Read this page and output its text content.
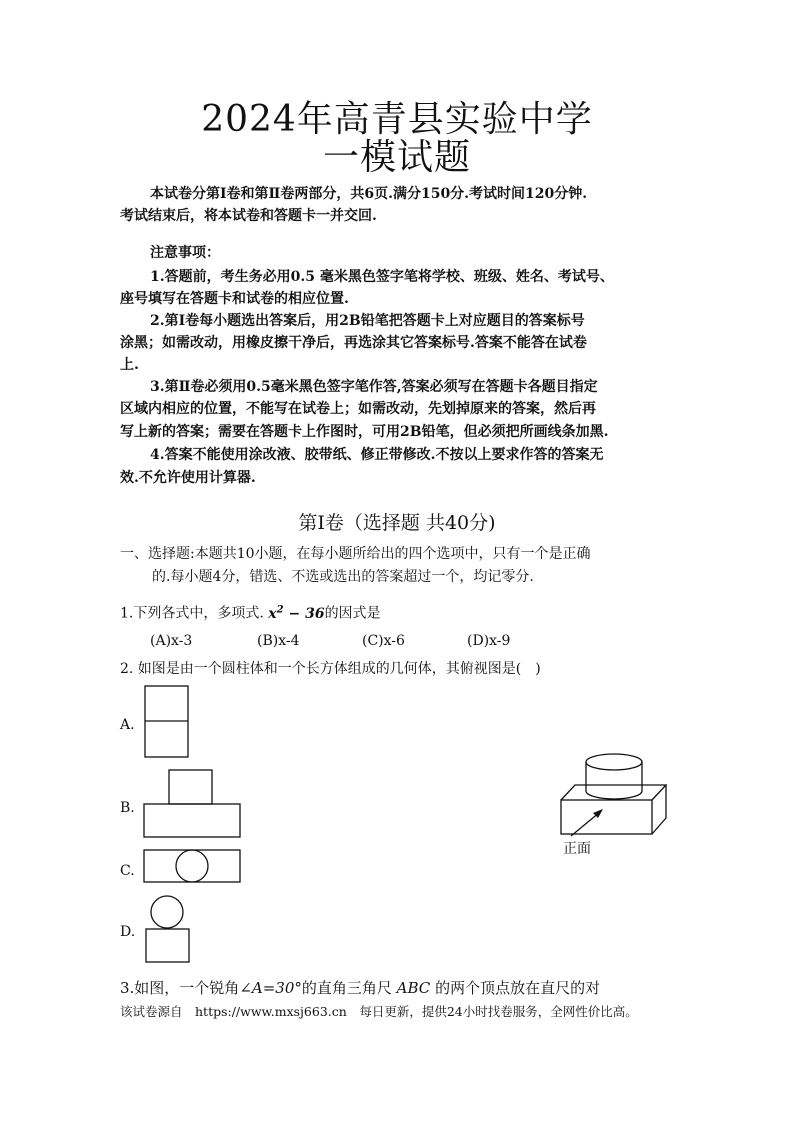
2024年高青县实验中学
一模试题
本试卷分第Ⅰ卷和第Ⅱ卷两部分，共6页.满分150分.考试时间120分钟.
考试结束后，将本试卷和答题卡一并交回.
注意事项：
1.答题前，考生务必用0.5 毫米黑色签字笔将学校、班级、姓名、考试号、
座号填写在答题卡和试卷的相应位置.
2.第Ⅰ卷每小题选出答案后，用2B铅笔把答题卡上对应题目的答案标号
涂黑；如需改动，用橡皮擦干净后，再选涂其它答案标号.答案不能答在试卷
上.
3.第Ⅱ卷必须用0.5毫米黑色签字笔作答,答案必须写在答题卡各题目指定
区域内相应的位置，不能写在试卷上；如需改动，先划掉原来的答案，然后再
写上新的答案；需要在答题卡上作图时，可用2B铅笔，但必须把所画线条加黑.
4.答案不能使用涂改液、胶带纸、修正带修改.不按以上要求作答的答案无
效.不允许使用计算器.
第Ⅰ卷（选择题 共40分)
一、选择题:本题共10小题，在每小题所给出的四个选项中，只有一个是正确
的.每小题4分，错选、不选或选出的答案超过一个，均记零分.
1.下列各式中，多项式. $x^2 - 36$的因式是
(A)x-3	(B)x-4	(C)x-6	(D)x-9
2. 如图是由一个圆柱体和一个长方体组成的几何体，其俯视图是(　)
A.
B.
C.
D.
正面
3.如图，一个锐角∠A=30°的直角三角尺 ABC 的两个顶点放在直尺的对
该试卷源自　https://www.mxsj663.cn　每日更新，提供24小时找卷服务，全网性价比高。
